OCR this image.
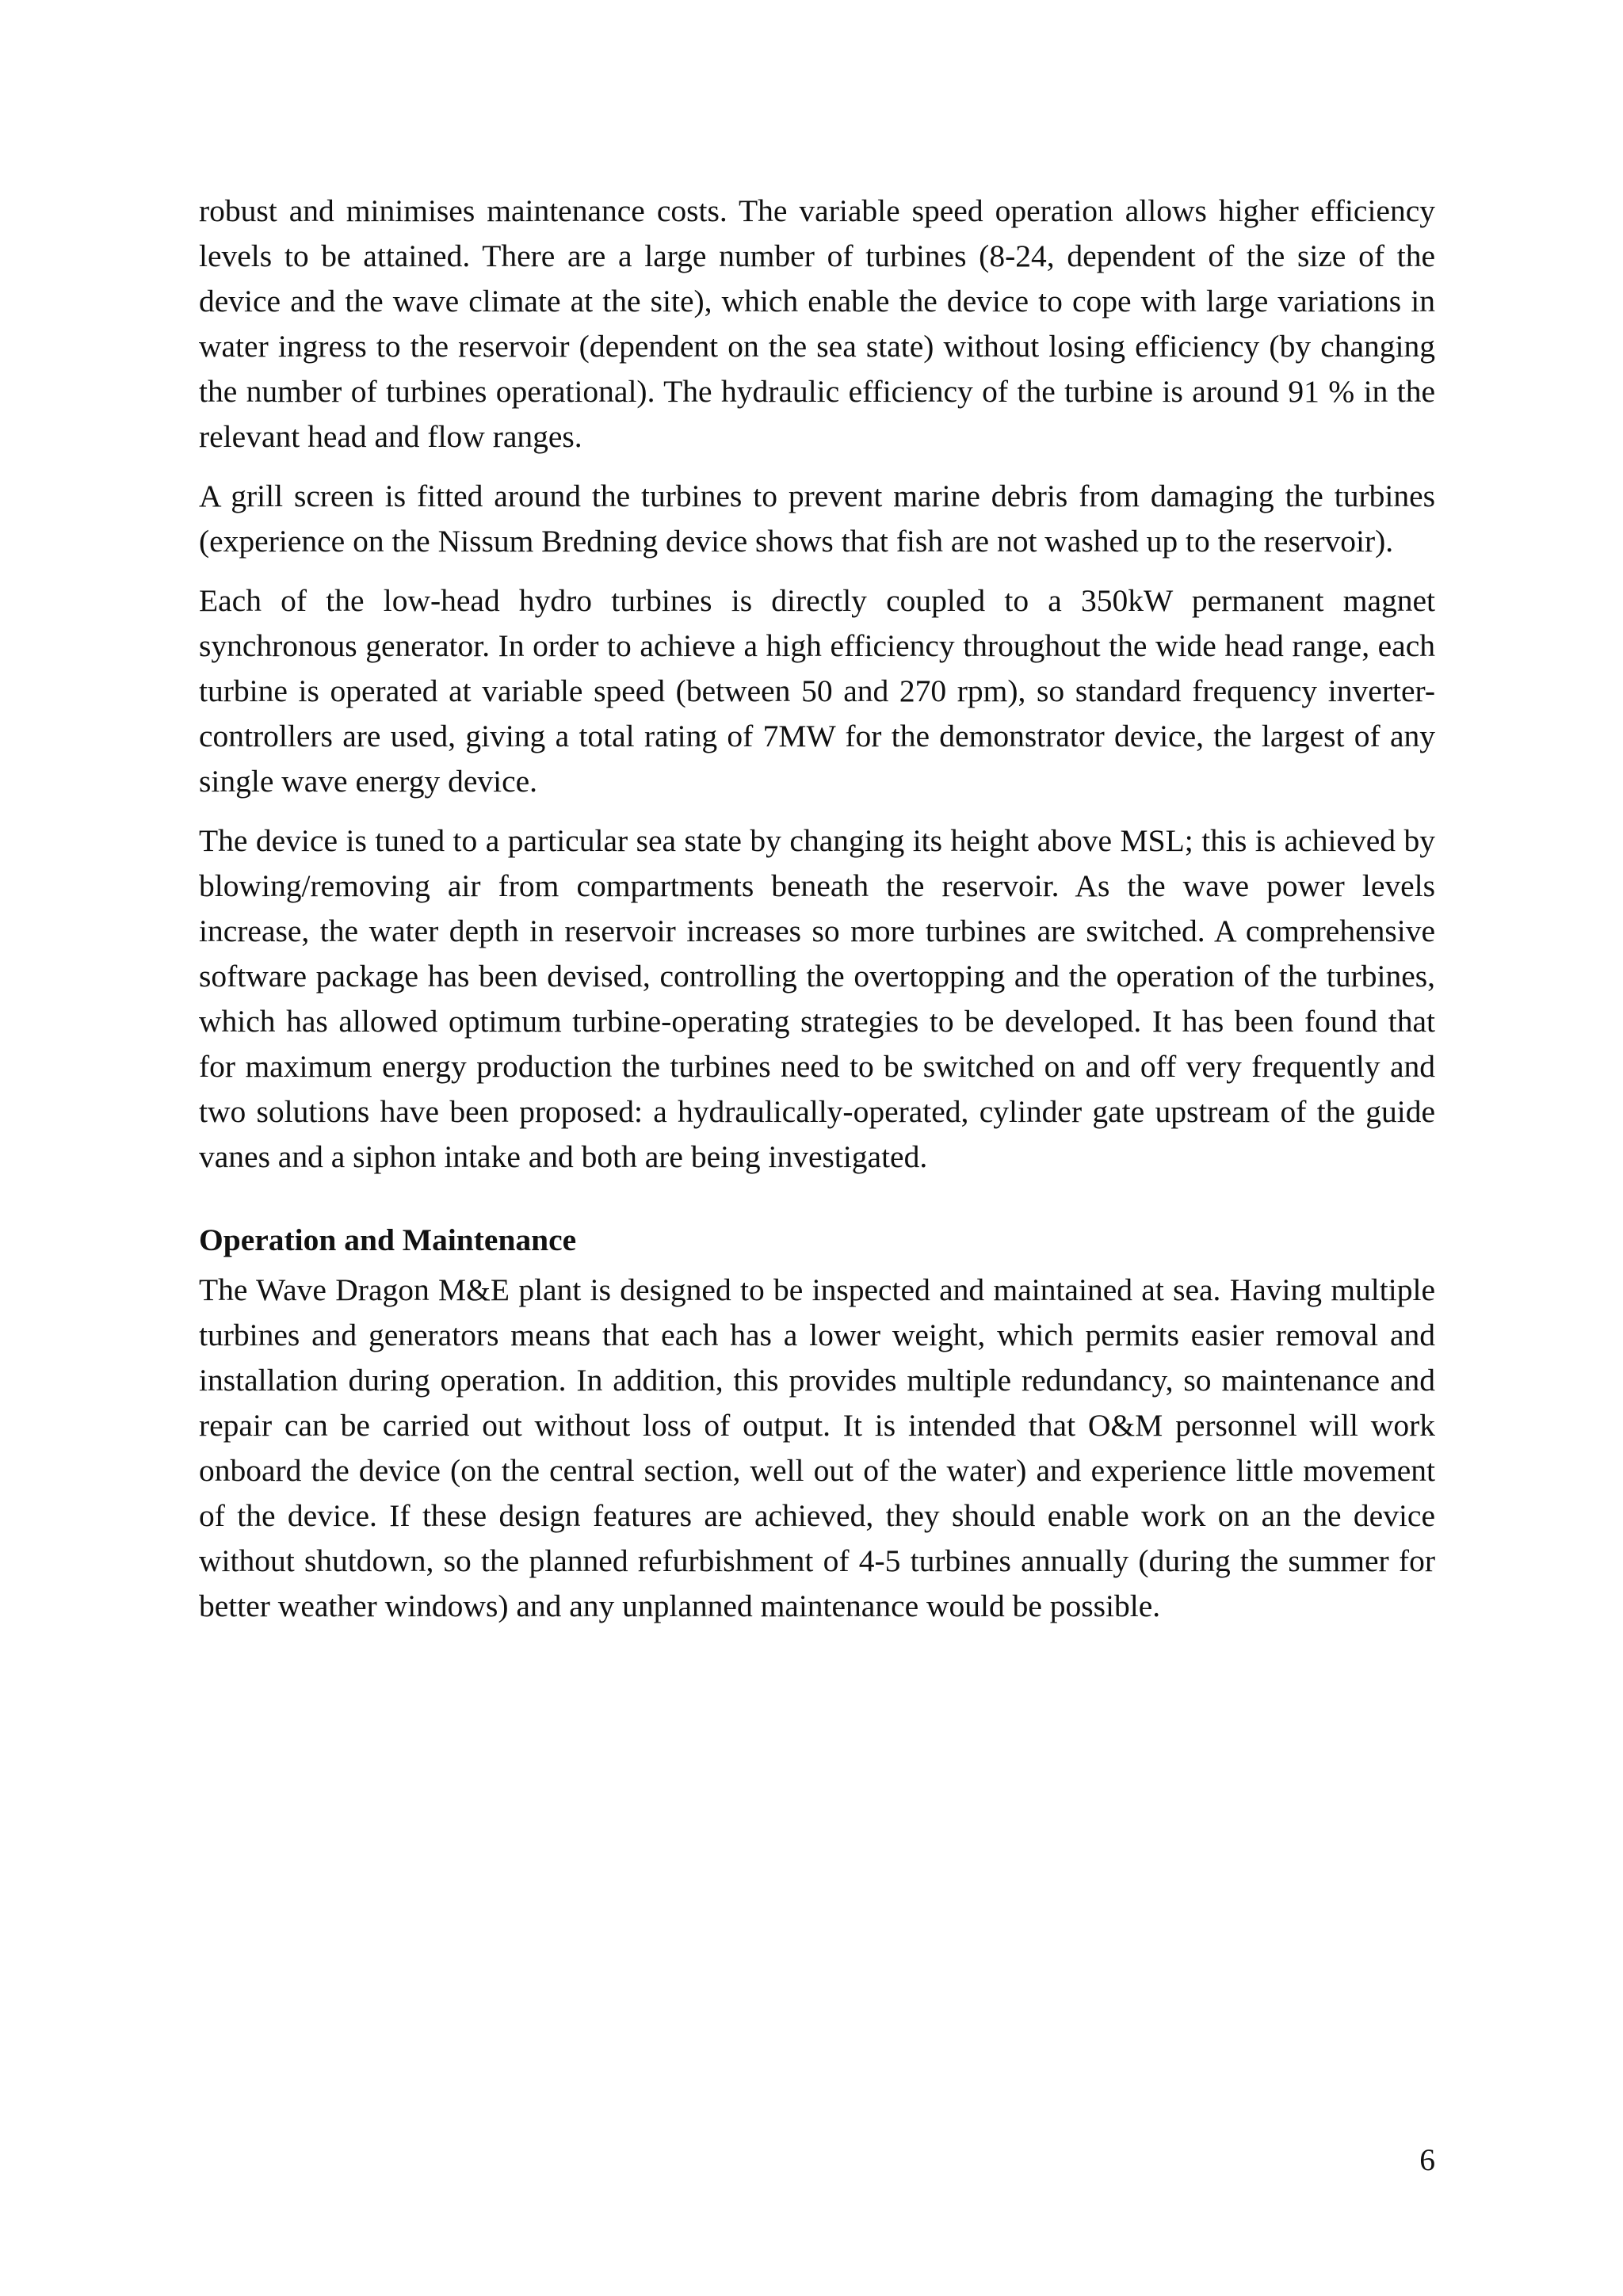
robust and minimises maintenance costs. The variable speed operation allows higher efficiency levels to be attained. There are a large number of turbines (8-24, dependent of the size of the device and the wave climate at the site), which enable the device to cope with large variations in water ingress to the reservoir (dependent on the sea state) without losing efficiency (by changing the number of turbines operational). The hydraulic efficiency of the turbine is around 91 % in the relevant head and flow ranges.

A grill screen is fitted around the turbines to prevent marine debris from damaging the turbines (experience on the Nissum Bredning device shows that fish are not washed up to the reservoir).

Each of the low-head hydro turbines is directly coupled to a 350kW permanent magnet synchronous generator. In order to achieve a high efficiency throughout the wide head range, each turbine is operated at variable speed (between 50 and 270 rpm), so standard frequency inverter-controllers are used, giving a total rating of 7MW for the demonstrator device, the largest of any single wave energy device.

The device is tuned to a particular sea state by changing its height above MSL; this is achieved by blowing/removing air from compartments beneath the reservoir. As the wave power levels increase, the water depth in reservoir increases so more turbines are switched. A comprehensive software package has been devised, controlling the overtopping and the operation of the turbines, which has allowed optimum turbine-operating strategies to be developed. It has been found that for maximum energy production the turbines need to be switched on and off very frequently and two solutions have been proposed: a hydraulically-operated, cylinder gate upstream of the guide vanes and a siphon intake and both are being investigated.

Operation and Maintenance

The Wave Dragon M&E plant is designed to be inspected and maintained at sea. Having multiple turbines and generators means that each has a lower weight, which permits easier removal and installation during operation. In addition, this provides multiple redundancy, so maintenance and repair can be carried out without loss of output. It is intended that O&M personnel will work onboard the device (on the central section, well out of the water) and experience little movement of the device. If these design features are achieved, they should enable work on an the device without shutdown, so the planned refurbishment of 4-5 turbines annually (during the summer for better weather windows) and any unplanned maintenance would be possible.

6
